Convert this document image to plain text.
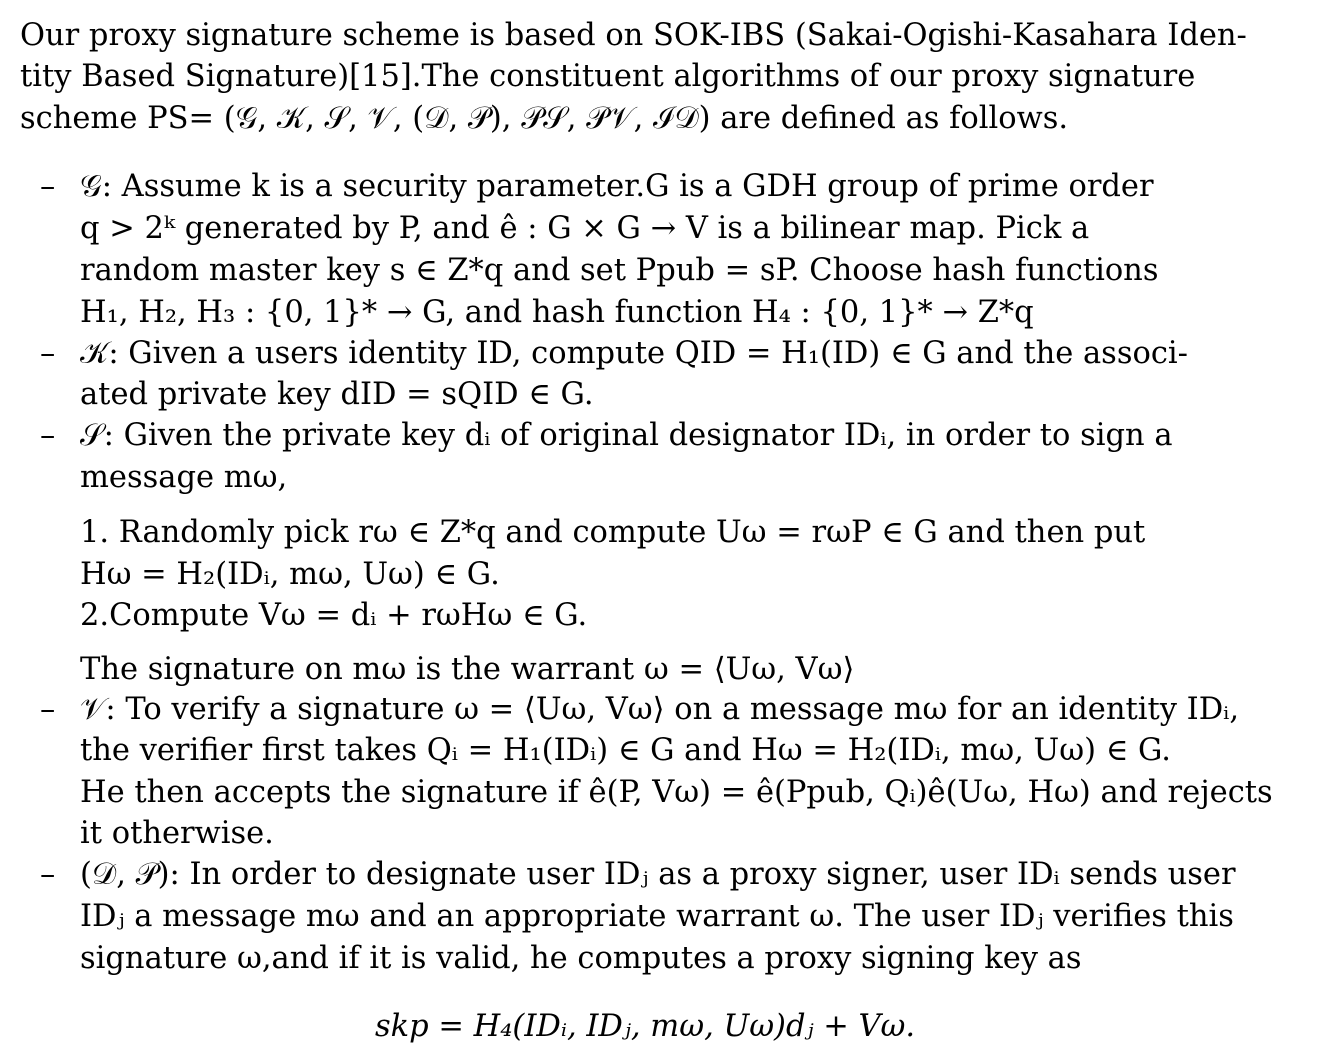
Our proxy signature scheme is based on SOK-IBS (Sakai-Ogishi-Kasahara Iden-
tity Based Signature)[15].The constituent algorithms of our proxy signature
scheme PS= (𝒢, 𝒦, 𝒮, 𝒱, (𝒟, 𝒫), 𝒫𝒮, 𝒫𝒱, ℐ𝒟) are defined as follows.
– 𝒢: Assume k is a security parameter.G is a GDH group of prime order
q > 2ᵏ generated by P, and ê : G × G → V is a bilinear map. Pick a
random master key s ∈ Z*q and set Ppub = sP. Choose hash functions
H₁, H₂, H₃ : {0, 1}* → G, and hash function H₄ : {0, 1}* → Z*q
– 𝒦: Given a users identity ID, compute QID = H₁(ID) ∈ G and the associ-
ated private key dID = sQID ∈ G.
– 𝒮: Given the private key dᵢ of original designator IDᵢ, in order to sign a
message mω,
1. Randomly pick rω ∈ Z*q and compute Uω = rωP ∈ G and then put
Hω = H₂(IDᵢ, mω, Uω) ∈ G.
2.Compute Vω = dᵢ + rωHω ∈ G.
The signature on mω is the warrant ω = ⟨Uω, Vω⟩
– 𝒱: To verify a signature ω = ⟨Uω, Vω⟩ on a message mω for an identity IDᵢ,
the verifier first takes Qᵢ = H₁(IDᵢ) ∈ G and Hω = H₂(IDᵢ, mω, Uω) ∈ G.
He then accepts the signature if ê(P, Vω) = ê(Ppub, Qᵢ)ê(Uω, Hω) and rejects
it otherwise.
– (𝒟, 𝒫): In order to designate user IDⱼ as a proxy signer, user IDᵢ sends user
IDⱼ a message mω and an appropriate warrant ω. The user IDⱼ verifies this
signature ω,and if it is valid, he computes a proxy signing key as
skp = H₄(IDᵢ, IDⱼ, mω, Uω)dⱼ + Vω.
